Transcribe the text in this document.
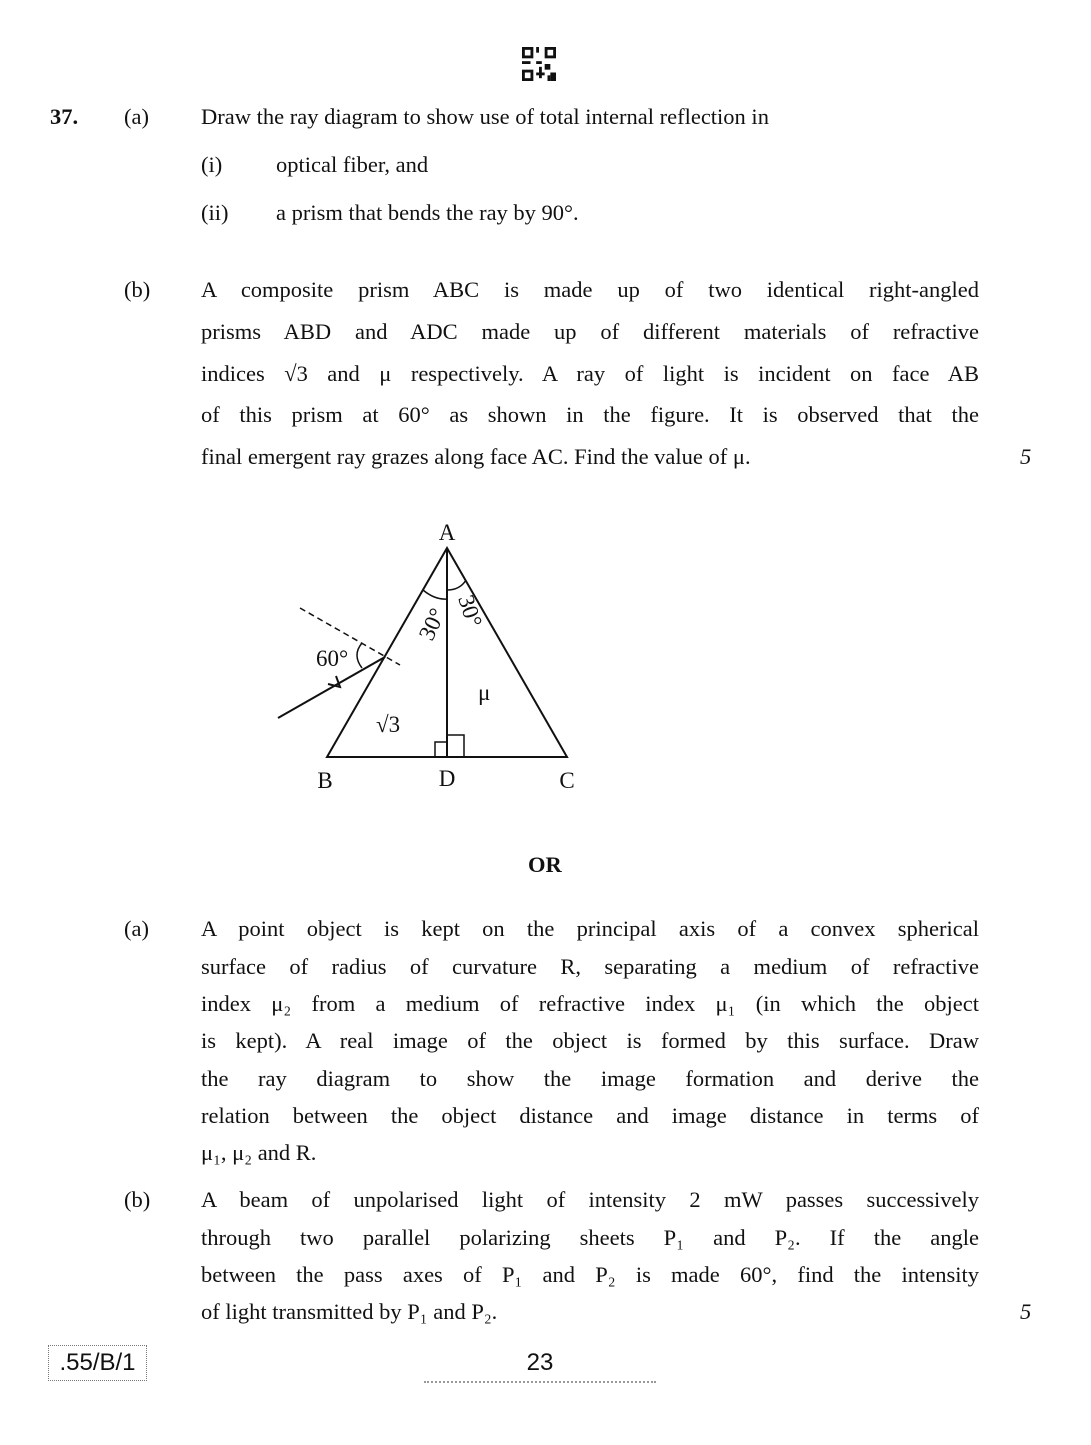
37. (a) Draw the ray diagram to show use of total internal reflection in
(i) optical fiber, and
(ii) a prism that bends the ray by 90°.
(b) A composite prism ABC is made up of two identical right-angled
prisms ABD and ADC made up of different materials of refractive
indices √3 and μ respectively. A ray of light is incident on face AB
of this prism at 60° as shown in the figure. It is observed that the
final emergent ray grazes along face AC. Find the value of μ.	5
A
B	D	C
60°
√3
μ
30° 30°
OR
(a) A point object is kept on the principal axis of a convex spherical
surface of radius of curvature R, separating a medium of refractive
index μ₂ from a medium of refractive index μ₁ (in which the object
is kept). A real image of the object is formed by this surface. Draw
the ray diagram to show the image formation and derive the
relation between the object distance and image distance in terms of
μ₁, μ₂ and R.
(b) A beam of unpolarised light of intensity 2 mW passes successively
through two parallel polarizing sheets P₁ and P₂. If the angle
between the pass axes of P₁ and P₂ is made 60°, find the intensity
of light transmitted by P₁ and P₂.	5
.55/B/1	23
